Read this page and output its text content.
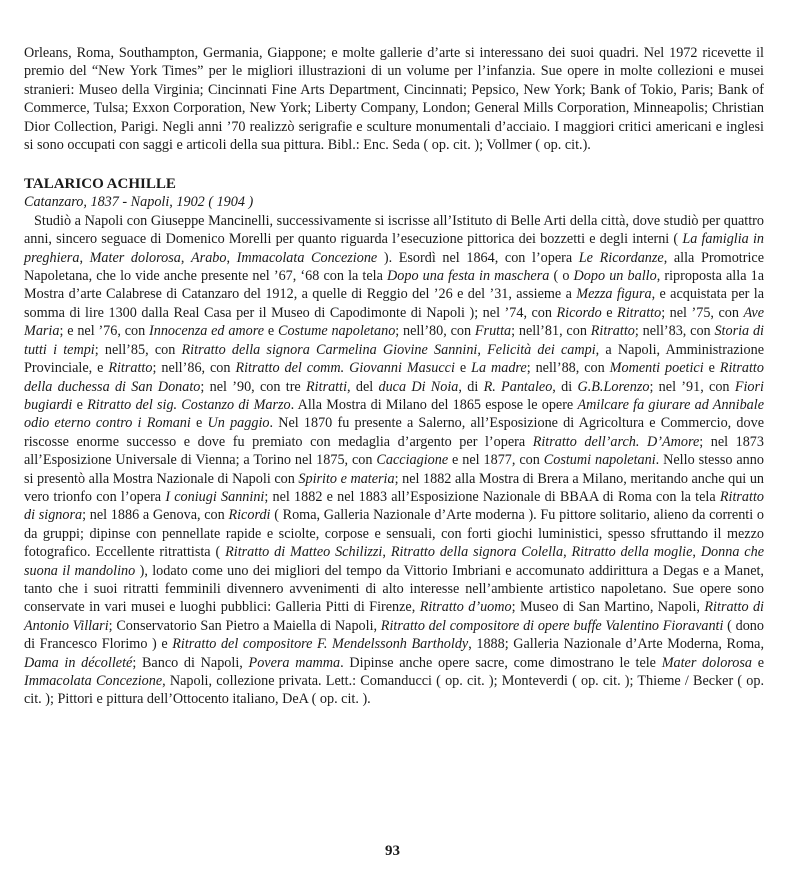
Orleans, Roma, Southampton, Germania, Giappone; e molte gallerie d’arte si interessano dei suoi quadri. Nel 1972 ricevette il premio del “New York Times” per le migliori illustrazioni di un volume per l’infanzia. Sue opere in molte collezioni e musei stranieri: Museo della Virginia; Cincinnati Fine Arts Department, Cincinnati; Pepsico, New York; Bank of Tokio, Paris; Bank of Commerce, Tulsa; Exxon Corporation, New York; Liberty Company, London; General Mills Corporation, Minneapolis; Christian Dior Collection, Parigi. Negli anni ’70 realizzò serigrafie e sculture monumentali d’acciaio. I maggiori critici americani e inglesi si sono occupati con saggi e articoli della sua pittura. Bibl.: Enc. Seda ( op. cit. ); Vollmer ( op. cit.).

TALARICO ACHILLE
Catanzaro, 1837 - Napoli, 1902 ( 1904 )

Studiò a Napoli con Giuseppe Mancinelli, successivamente si iscrisse all’Istituto di Belle Arti della città, dove studiò per quattro anni, sincero seguace di Domenico Morelli per quanto riguarda l’esecuzione pittorica dei bozzetti e degli interni ( La famiglia in preghiera, Mater dolorosa, Arabo, Immacolata Concezione ). Esordì nel 1864, con l’opera Le Ricordanze, alla Promotrice Napoletana, che lo vide anche presente nel ’67, ‘68 con la tela Dopo una festa in maschera ( o Dopo un ballo, riproposta alla 1a Mostra d’arte Calabrese di Catanzaro del 1912, a quelle di Reggio del ’26 e del ’31, assieme a Mezza figura, e acquistata per la somma di lire 1300 dalla Real Casa per il Museo di Capodimonte di Napoli ); nel ’74, con Ricordo e Ritratto; nel ’75, con Ave Maria; e nel ’76, con Innocenza ed amore e Costume napoletano; nell’80, con Frutta; nell’81, con Ritratto; nell’83, con Storia di tutti i tempi; nell’85, con Ritratto della signora Carmelina Giovine Sannini, Felicità dei campi, a Napoli, Amministrazione Provinciale, e Ritratto; nell’86, con Ritratto del comm. Giovanni Masucci e La madre; nell’88, con Momenti poetici e Ritratto della duchessa di San Donato; nel ’90, con tre Ritratti, del duca Di Noia, di R. Pantaleo, di G.B.Lorenzo; nel ’91, con Fiori bugiardi e Ritratto del sig. Costanzo di Marzo. Alla Mostra di Milano del 1865 espose le opere Amilcare fa giurare ad Annibale odio eterno contro i Romani e Un paggio. Nel 1870 fu presente a Salerno, all’Esposizione di Agricoltura e Commercio, dove riscosse enorme successo e dove fu premiato con medaglia d’argento per l’opera Ritratto dell’arch. D’Amore; nel 1873 all’Esposizione Universale di Vienna; a Torino nel 1875, con Cacciagione e nel 1877, con Costumi napoletani. Nello stesso anno si presentò alla Mostra Nazionale di Napoli con Spirito e materia; nel 1882 alla Mostra di Brera a Milano, meritando anche qui un vero trionfo con l’opera I coniugi Sannini; nel 1882 e nel 1883 all’Esposizione Nazionale di BBAA di Roma con la tela Ritratto di signora; nel 1886 a Genova, con Ricordi ( Roma, Galleria Nazionale d’Arte moderna ). Fu pittore solitario, alieno da correnti o da gruppi; dipinse con pennellate rapide e sciolte, corpose e sensuali, con forti giochi luministici, spesso sfruttando il mezzo fotografico. Eccellente ritrattista ( Ritratto di Matteo Schilizzi, Ritratto della signora Colella, Ritratto della moglie, Donna che suona il mandolino ), lodato come uno dei migliori del tempo da Vittorio Imbriani e accomunato addirittura a Degas e a Manet, tanto che i suoi ritratti femminili divennero avvenimenti di alto interesse nell’ambiente artistico napoletano. Sue opere sono conservate in vari musei e luoghi pubblici: Galleria Pitti di Firenze, Ritratto d’uomo; Museo di San Martino, Napoli, Ritratto di Antonio Villari; Conservatorio San Pietro a Maiella di Napoli, Ritratto del compositore di opere buffe Valentino Fioravanti ( dono di Francesco Florimo ) e Ritratto del compositore F. Mendelssonh Bartholdy, 1888; Galleria Nazionale d’Arte Moderna, Roma, Dama in décolleté; Banco di Napoli, Povera mamma. Dipinse anche opere sacre, come dimostrano le tele Mater dolorosa e Immacolata Concezione, Napoli, collezione privata. Lett.: Comanducci ( op. cit. ); Monteverdi ( op. cit. ); Thieme / Becker ( op. cit. ); Pittori e pittura dell’Ottocento italiano, DeA ( op. cit. ).

93
